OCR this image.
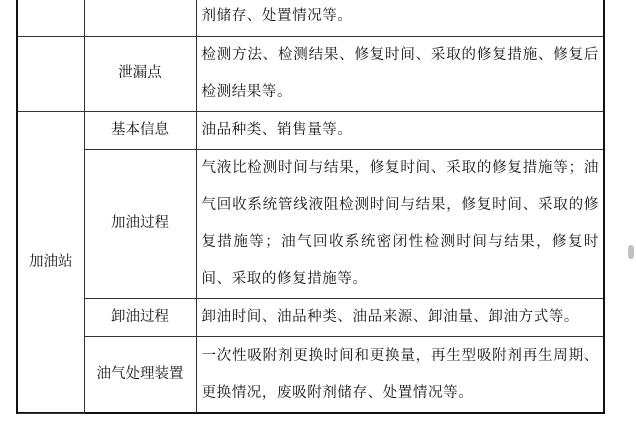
		剂储存、处置情况等。
	泄漏点	检测方法、检测结果、修复时间、采取的修复措施、修复后检测结果等。
加油站	基本信息	油品种类、销售量等。
	加油过程	气液比检测时间与结果，修复时间、采取的修复措施等；油气回收系统管线液阻检测时间与结果，修复时间、采取的修复措施等；油气回收系统密闭性检测时间与结果，修复时间、采取的修复措施等。
	卸油过程	卸油时间、油品种类、油品来源、卸油量、卸油方式等。
	油气处理装置	一次性吸附剂更换时间和更换量，再生型吸附剂再生周期、更换情况，废吸附剂储存、处置情况等。
